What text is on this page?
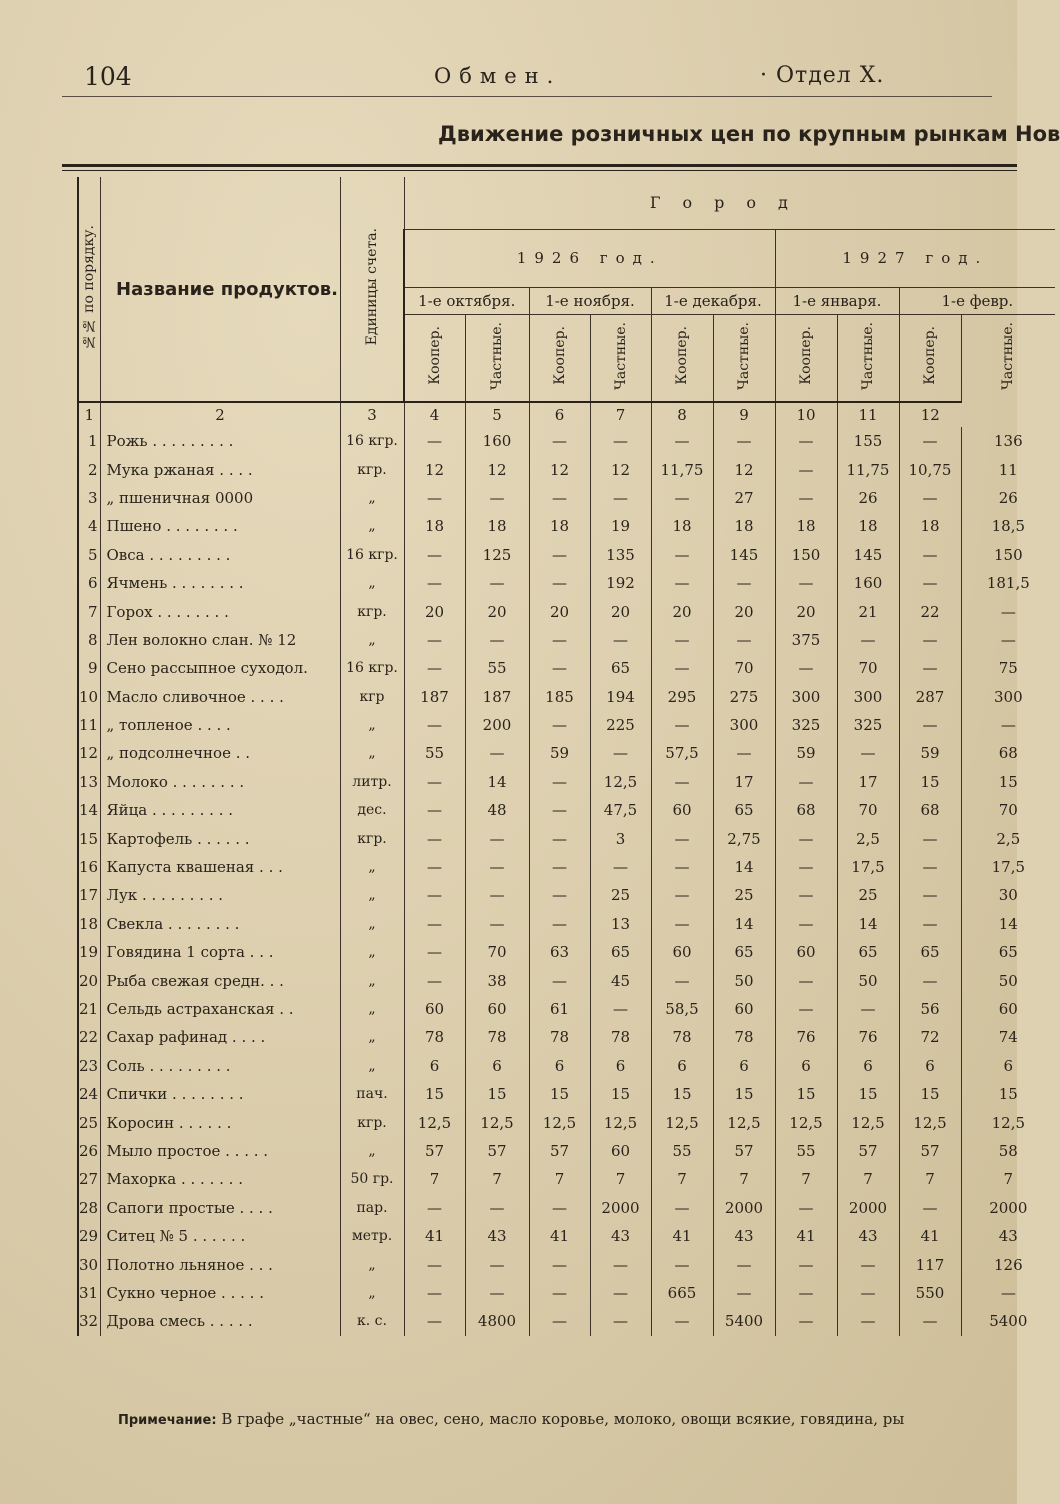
104	Обмен.	· Отдел X.
Движение розничных цен по крупным рынкам Нов
№№ по порядку.	Название продуктов.	Единицы счета.	Город									
			1926 год.						1927 год.			
			1-е октября.		1-е ноября.		1-е декабря.		1-е января.		1-е февр.	
			Коопер.	Частные.	Коопер.	Частные.	Коопер.	Частные.	Коопер.	Частные.	Коопер.	Частные.
1	2	3	4	5	6	7	8	9	10	11	12	
1	Рожь . . . . . . . . .	16 кгр.	—	160	—	—	—	—	—	155	—	136
2	Мука ржаная . . . .	кгр.	12	12	12	12	11,75	12	—	11,75	10,75	11
3	„ пшеничная 0000	„	—	—	—	—	—	27	—	26	—	26
4	Пшено . . . . . . . .	„	18	18	18	19	18	18	18	18	18	18,5
5	Овса . . . . . . . . .	16 кгр.	—	125	—	135	—	145	150	145	—	150
6	Ячмень . . . . . . . .	„	—	—	—	192	—	—	—	160	—	181,5
7	Горох . . . . . . . .	кгр.	20	20	20	20	20	20	20	21	22	—
8	Лен волокно слан. № 12	„	—	—	—	—	—	—	375	—	—	—
9	Сено рассыпное суходол.	16 кгр.	—	55	—	65	—	70	—	70	—	75
10	Масло сливочное . . . .	кгр	187	187	185	194	295	275	300	300	287	300
11	„ топленое . . . .	„	—	200	—	225	—	300	325	325	—	—
12	„ подсолнечное . .	„	55	—	59	—	57,5	—	59	—	59	68
13	Молоко . . . . . . . .	литр.	—	14	—	12,5	—	17	—	17	15	15
14	Яйца . . . . . . . . .	дес.	—	48	—	47,5	60	65	68	70	68	70
15	Картофель . . . . . .	кгр.	—	—	—	3	—	2,75	—	2,5	—	2,5
16	Капуста квашеная . . .	„	—	—	—	—	—	14	—	17,5	—	17,5
17	Лук . . . . . . . . .	„	—	—	—	25	—	25	—	25	—	30
18	Свекла . . . . . . . .	„	—	—	—	13	—	14	—	14	—	14
19	Говядина 1 сорта . . .	„	—	70	63	65	60	65	60	65	65	65
20	Рыба свежая средн. . .	„	—	38	—	45	—	50	—	50	—	50
21	Сельдь астраханская . .	„	60	60	61	—	58,5	60	—	—	56	60
22	Сахар рафинад . . . .	„	78	78	78	78	78	78	76	76	72	74
23	Соль . . . . . . . . .	„	6	6	6	6	6	6	6	6	6	6
24	Спички . . . . . . . .	пач.	15	15	15	15	15	15	15	15	15	15
25	Коросин . . . . . .	кгр.	12,5	12,5	12,5	12,5	12,5	12,5	12,5	12,5	12,5	12,5
26	Мыло простое . . . . .	„	57	57	57	60	55	57	55	57	57	58
27	Махорка . . . . . . .	50 гр.	7	7	7	7	7	7	7	7	7	7
28	Сапоги простые . . . .	пар.	—	—	—	2000	—	2000	—	2000	—	2000
29	Ситец № 5 . . . . . .	метр.	41	43	41	43	41	43	41	43	41	43
30	Полотно льняное . . .	„	—	—	—	—	—	—	—	—	117	126
31	Сукно черное . . . . .	„	—	—	—	—	665	—	—	—	550	—
32	Дрова смесь . . . . .	к. с.	—	4800	—	—	—	5400	—	—	—	5400
Примечание: В графе „частные“ на овес, сено, масло коровье, молоко, овощи всякие, говядина, ры
